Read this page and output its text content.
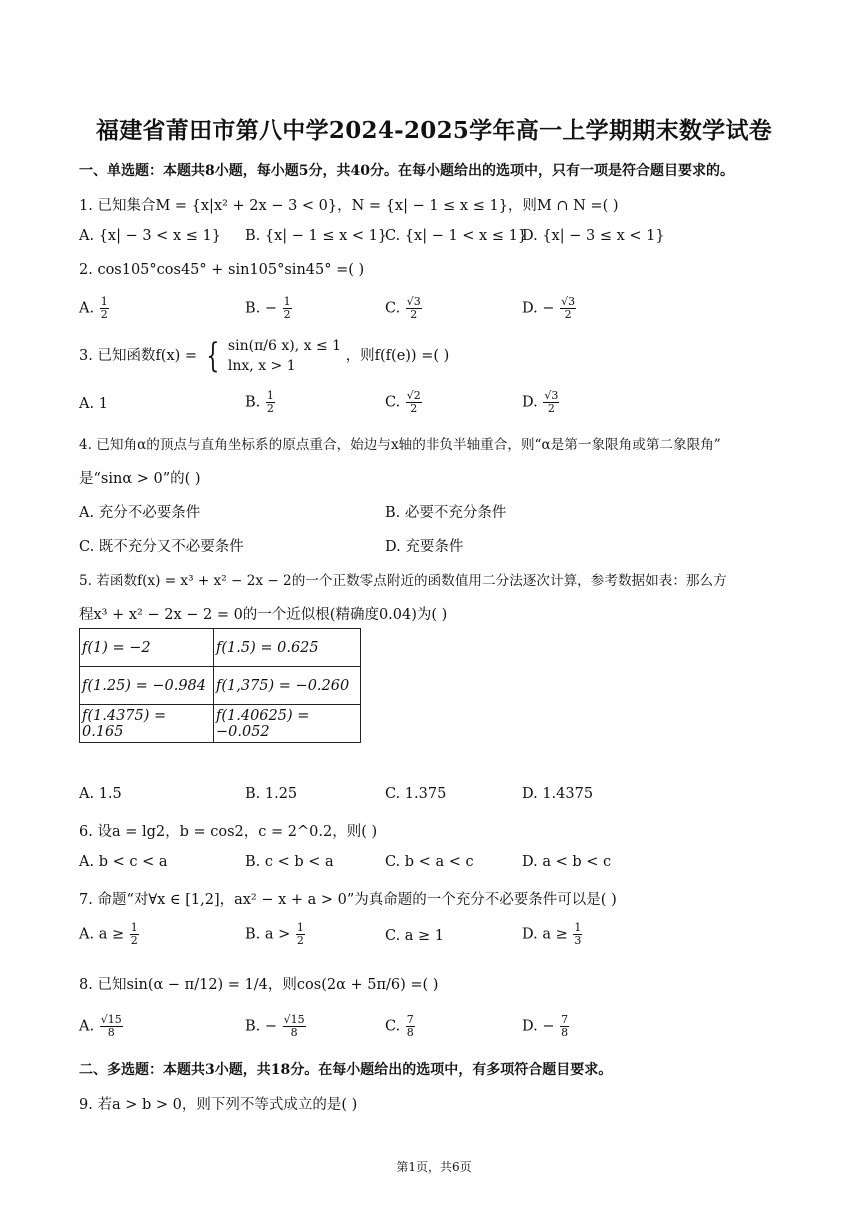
福建省莆田市第八中学2024-2025学年高一上学期期末数学试卷
一、单选题：本题共8小题，每小题5分，共40分。在每小题给出的选项中，只有一项是符合题目要求的。
1. 已知集合M = {x|x² + 2x − 3 < 0}，N = {x| − 1 ≤ x ≤ 1}，则M ∩ N =( )
A. {x| − 3 < x ≤ 1} B. {x| − 1 ≤ x < 1}
C. {x| − 1 < x ≤ 1}
D. {x| − 3 ≤ x < 1}
2. cos105°cos45° + sin105°sin45° =( )
A. $\frac{1}{2}$	B. − $\frac{1}{2}$	C. $\frac{√3}{2}$	D. − $\frac{√3}{2}$
3. 已知函数f(x) = { sin(π/6 x), x ≤ 1
lnx, x > 1
，则f(f(e)) =( )
A. 1	B. $\frac{1}{2}$	C. $\frac{√2}{2}$	D. $\frac{√3}{2}$
4. 已知角α的顶点与直角坐标系的原点重合，始边与x轴的非负半轴重合，则“α是第一象限角或第二象限角”
是“sinα > 0”的( )
A. 充分不必要条件	B. 必要不充分条件
C. 既不充分又不必要条件	D. 充要条件
5. 若函数f(x) = x³ + x² − 2x − 2的一个正数零点附近的函数值用二分法逐次计算，参考数据如表：那么方
程x³ + x² − 2x − 2 = 0的一个近似根(精确度0.04)为( )
f(1) = −2	f(1.5) = 0.625
f(1.25) = −0.984	f(1,375) = −0.260
f(1.4375) = 0.165	f(1.40625) = −0.052
A. 1.5	B. 1.25	C. 1.375	D. 1.4375
6. 设a = lg2，b = cos2，c = 2^0.2，则( )
A. b < c < a	B. c < b < a	C. b < a < c	D. a < b < c
7. 命题“对∀x ∈ [1,2]，ax² − x + a > 0”为真命题的一个充分不必要条件可以是( )
A. $a \ge \frac{1}{2}$	B. $a > \frac{1}{2}$	C. a ≥ 1	D. $a \ge \frac{1}{3}$
8. 已知sin(α − π/12) = 1/4，则cos(2α + 5π/6) =( )
A. $\frac{√15}{8}$	B. − $\frac{√15}{8}$	C. $\frac{7}{8}$	D. − $\frac{7}{8}$
二、多选题：本题共3小题，共18分。在每小题给出的选项中，有多项符合题目要求。
9. 若a > b > 0，则下列不等式成立的是( )
第1页，共6页
